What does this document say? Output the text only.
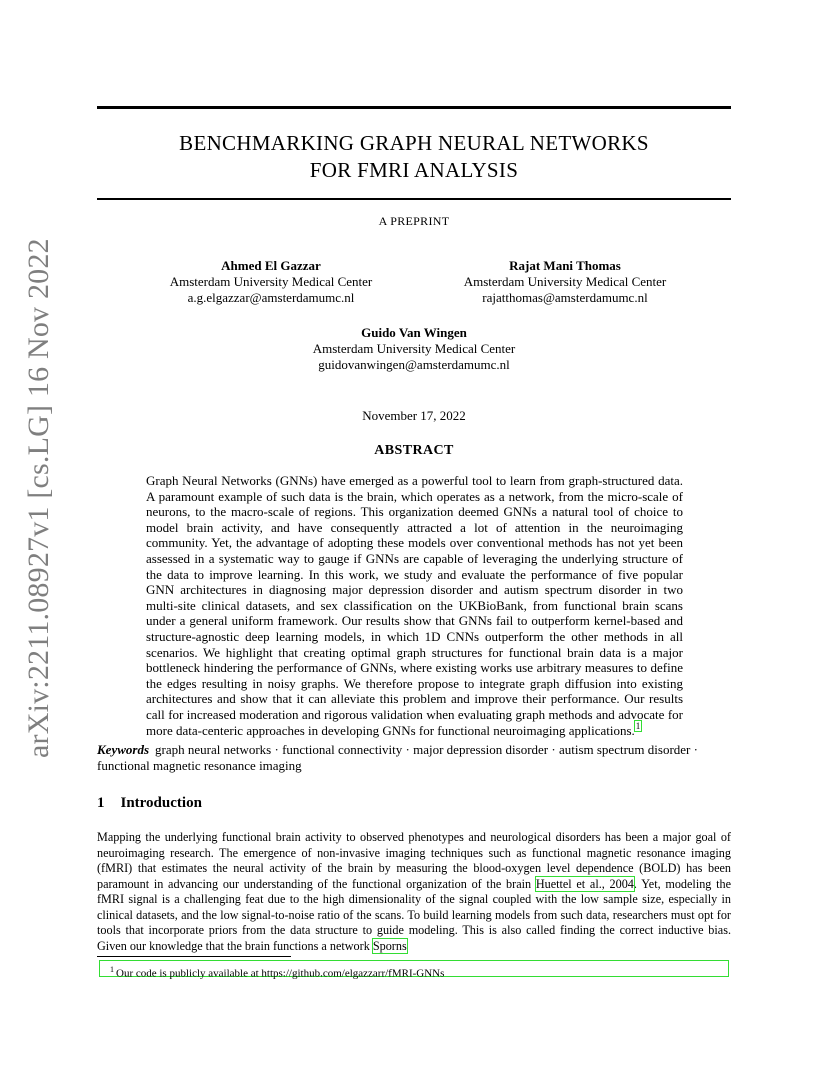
arXiv:2211.08927v1 [cs.LG] 16 Nov 2022
BENCHMARKING GRAPH NEURAL NETWORKS
FOR FMRI ANALYSIS
A PREPRINT
Ahmed El Gazzar
Amsterdam University Medical Center
a.g.elgazzar@amsterdamumc.nl
Rajat Mani Thomas
Amsterdam University Medical Center
rajatthomas@amsterdamumc.nl
Guido Van Wingen
Amsterdam University Medical Center
guidovanwingen@amsterdamumc.nl
November 17, 2022
ABSTRACT
Graph Neural Networks (GNNs) have emerged as a powerful tool to learn from graph-structured data. A paramount example of such data is the brain, which operates as a network, from the micro-scale of neurons, to the macro-scale of regions. This organization deemed GNNs a natural tool of choice to model brain activity, and have consequently attracted a lot of attention in the neuroimaging community. Yet, the advantage of adopting these models over conventional methods has not yet been assessed in a systematic way to gauge if GNNs are capable of leveraging the underlying structure of the data to improve learning. In this work, we study and evaluate the performance of five popular GNN architectures in diagnosing major depression disorder and autism spectrum disorder in two multi-site clinical datasets, and sex classification on the UKBioBank, from functional brain scans under a general uniform framework. Our results show that GNNs fail to outperform kernel-based and structure-agnostic deep learning models, in which 1D CNNs outperform the other methods in all scenarios. We highlight that creating optimal graph structures for functional brain data is a major bottleneck hindering the performance of GNNs, where existing works use arbitrary measures to define the edges resulting in noisy graphs. We therefore propose to integrate graph diffusion into existing architectures and show that it can alleviate this problem and improve their performance. Our results call for increased moderation and rigorous validation when evaluating graph methods and advocate for more data-centeric approaches in developing GNNs for functional neuroimaging applications.$^1$
Keywords graph neural networks · functional connectivity · major depression disorder · autism spectrum disorder · functional magnetic resonance imaging
1 Introduction
Mapping the underlying functional brain activity to observed phenotypes and neurological disorders has been a major goal of neuroimaging research. The emergence of non-invasive imaging techniques such as functional magnetic resonance imaging (fMRI) that estimates the neural activity of the brain by measuring the blood-oxygen level dependence (BOLD) has been paramount in advancing our understanding of the functional organization of the brain Huettel et al., 2004. Yet, modeling the fMRI signal is a challenging feat due to the high dimensionality of the signal coupled with the low sample size, especially in clinical datasets, and the low signal-to-noise ratio of the scans. To build learning models from such data, researchers must opt for tools that incorporate priors from the data structure to guide modeling. This is also called finding the correct inductive bias. Given our knowledge that the brain functions a network Sporns
$^1$ Our code is publicly available at https://github.com/elgazzarr/fMRI-GNNs
